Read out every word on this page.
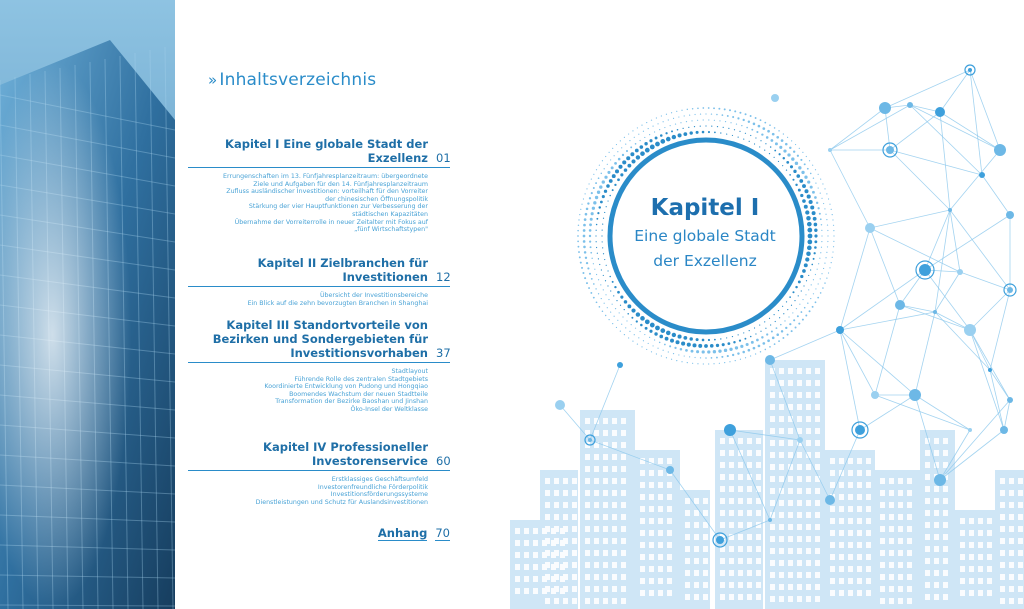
» Inhaltsverzeichnis
Kapitel I Eine globale Stadt der Exzellenz 01
Errungenschaften im 13. Fünfjahresplanzeitraum: übergeordnete
Ziele und Aufgaben für den 14. Fünfjahresplanzeitraum
Zufluss ausländischer Investitionen: vorteilhaft für den Vorreiter
der chinesischen Öffnungspolitik
Stärkung der vier Hauptfunktionen zur Verbesserung der
städtischen Kapazitäten
Übernahme der Vorreiterrolle in neuer Zeitalter mit Fokus auf
„fünf Wirtschaftstypen"
Kapitel II Zielbranchen für Investitionen 12
Übersicht der Investitionsbereiche
Ein Blick auf die zehn bevorzugten Branchen in Shanghai
Kapitel III Standortvorteile von Bezirken und Sondergebieten für Investitionsvorhaben 37
Stadtlayout
Führende Rolle des zentralen Stadtgebiets
Koordinierte Entwicklung von Pudong und Hongqiao
Boomendes Wachstum der neuen Stadtteile
Transformation der Bezirke Baoshan und Jinshan
Öko-Insel der Weltklasse
Kapitel IV Professioneller Investorenservice 60
Erstklassiges Geschäftsumfeld
Investorenfreundliche Förderpolitik
Investitionsförderungssysteme
Dienstleistungen und Schutz für Auslandsinvestitionen
Anhang 70
Kapitel I
Eine globale Stadt
der Exzellenz
